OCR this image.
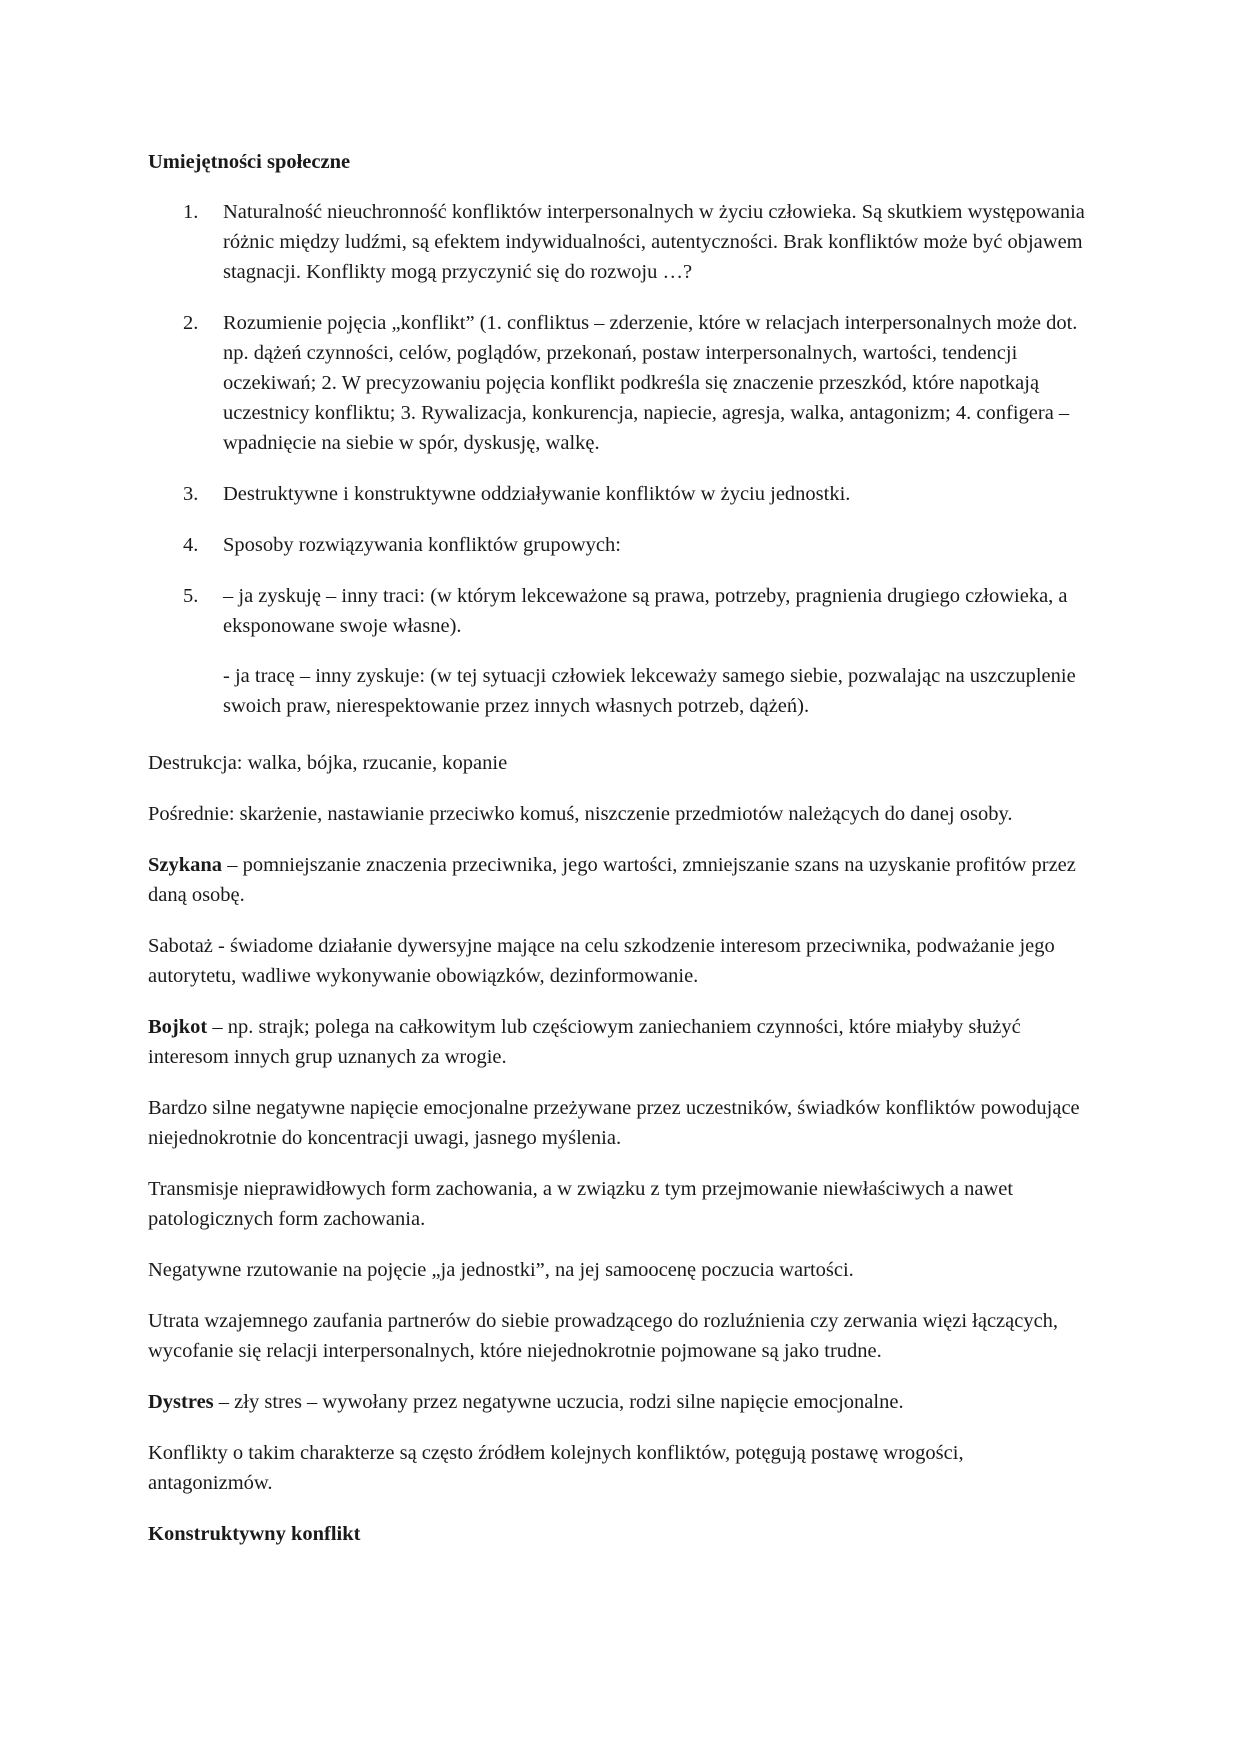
Umiejętności społeczne

1. Naturalność nieuchronność konfliktów interpersonalnych w życiu człowieka. Są skutkiem występowania różnic między ludźmi, są efektem indywidualności, autentyczności. Brak konfliktów może być objawem stagnacji. Konflikty mogą przyczynić się do rozwoju …?
2. Rozumienie pojęcia „konflikt” (1. confliktus – zderzenie, które w relacjach interpersonalnych może dot. np. dążeń czynności, celów, poglądów, przekonań, postaw interpersonalnych, wartości, tendencji oczekiwań; 2. W precyzowaniu pojęcia konflikt podkreśla się znaczenie przeszkód, które napotkają uczestnicy konfliktu; 3. Rywalizacja, konkurencja, napiecie, agresja, walka, antagonizm; 4. configera – wpadnięcie na siebie w spór, dyskusję, walkę.
3. Destruktywne i konstruktywne oddziaływanie konfliktów w życiu jednostki.
4. Sposoby rozwiązywania konfliktów grupowych:
5. – ja zyskuję – inny traci: (w którym lekceważone są prawa, potrzeby, pragnienia drugiego człowieka, a eksponowane swoje własne).
- ja tracę – inny zyskuje: (w tej sytuacji człowiek lekceważy samego siebie, pozwalając na uszczuplenie swoich praw, nierespektowanie przez innych własnych potrzeb, dążeń).

Destrukcja: walka, bójka, rzucanie, kopanie

Pośrednie: skarżenie, nastawianie przeciwko komuś, niszczenie przedmiotów należących do danej osoby.

Szykana – pomniejszanie znaczenia przeciwnika, jego wartości, zmniejszanie szans na uzyskanie profitów przez daną osobę.

Sabotaż - świadome działanie dywersyjne mające na celu szkodzenie interesom przeciwnika, podważanie jego autorytetu, wadliwe wykonywanie obowiązków, dezinformowanie.

Bojkot – np. strajk; polega na całkowitym lub częściowym zaniechaniem czynności, które miałyby służyć interesom innych grup uznanych za wrogie.

Bardzo silne negatywne napięcie emocjonalne przeżywane przez uczestników, świadków konfliktów powodujące niejednokrotnie do koncentracji uwagi, jasnego myślenia.

Transmisje nieprawidłowych form zachowania, a w związku z tym przejmowanie niewłaściwych a nawet patologicznych form zachowania.

Negatywne rzutowanie na pojęcie „ja jednostki”, na jej samoocenę poczucia wartości.

Utrata wzajemnego zaufania partnerów do siebie prowadzącego do rozluźnienia czy zerwania więzi łączących, wycofanie się relacji interpersonalnych, które niejednokrotnie pojmowane są jako trudne.

Dystres – zły stres – wywołany przez negatywne uczucia, rodzi silne napięcie emocjonalne.

Konflikty o takim charakterze są często źródłem kolejnych konfliktów, potęgują postawę wrogości, antagonizmów.

Konstruktywny konflikt
